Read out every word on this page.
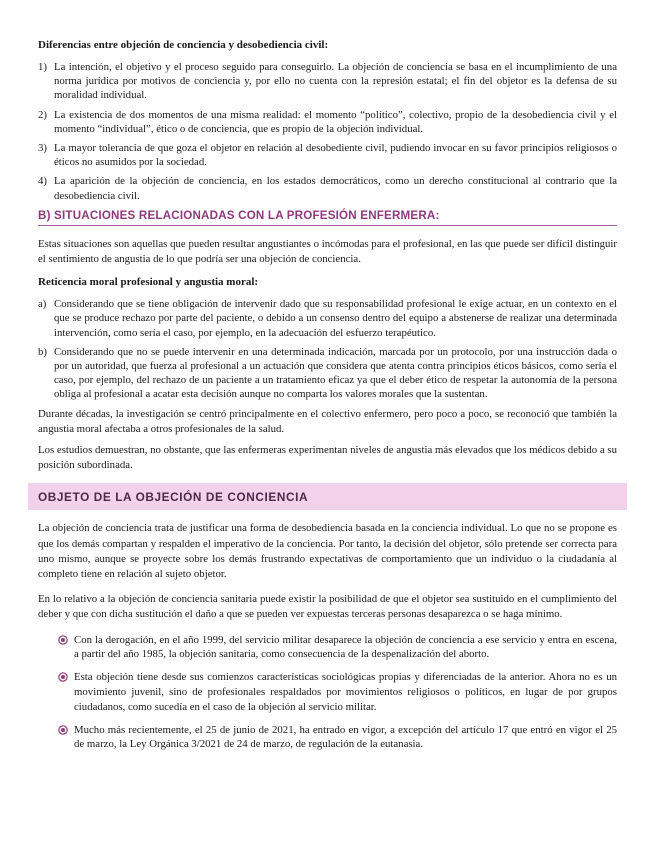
Diferencias entre objeción de conciencia y desobediencia civil:
1) La intención, el objetivo y el proceso seguido para conseguirlo. La objeción de conciencia se basa en el incumplimiento de una norma jurídica por motivos de conciencia y, por ello no cuenta con la represión estatal; el fin del objetor es la defensa de su moralidad individual.
2) La existencia de dos momentos de una misma realidad: el momento “político”, colectivo, propio de la desobediencia civil y el momento “individual”, ético o de conciencia, que es propio de la objeción individual.
3) La mayor tolerancia de que goza el objetor en relación al desobediente civil, pudiendo invocar en su favor principios religiosos o éticos no asumidos por la sociedad.
4) La aparición de la objeción de conciencia, en los estados democráticos, como un derecho constitucional al contrario que la desobediencia civil.
B) SITUACIONES RELACIONADAS CON LA PROFESIÓN ENFERMERA:

Estas situaciones son aquellas que pueden resultar angustiantes o incómodas para el profesional, en las que puede ser difícil distinguir el sentimiento de angustia de lo que podría ser una objeción de conciencia.

Reticencia moral profesional y angustia moral:
a) Considerando que se tiene obligación de intervenir dado que su responsabilidad profesional le exige actuar, en un contexto en el que se produce rechazo por parte del paciente, o debido a un consenso dentro del equipo a abstenerse de realizar una determinada intervención, como sería el caso, por ejemplo, en la adecuación del esfuerzo terapéutico.
b) Considerando que no se puede intervenir en una determinada indicación, marcada por un protocolo, por una instrucción dada o por un autoridad, que fuerza al profesional a un actuación que considera que atenta contra principios éticos básicos, como sería el caso, por ejemplo, del rechazo de un paciente a un tratamiento eficaz ya que el deber ético de respetar la autonomía de la persona obliga al profesional a acatar esta decisión aunque no comparta los valores morales que la sustentan.

Durante décadas, la investigación se centró principalmente en el colectivo enfermero, pero poco a poco, se reconoció que también la angustia moral afectaba a otros profesionales de la salud.

Los estudios demuestran, no obstante, que las enfermeras experimentan niveles de angustia más elevados que los médicos debido a su posición subordinada.

OBJETO DE LA OBJECIÓN DE CONCIENCIA

La objeción de conciencia trata de justificar una forma de desobediencia basada en la conciencia individual. Lo que no se propone es que los demás compartan y respalden el imperativo de la conciencia. Por tanto, la decisión del objetor, sólo pretende ser correcta para uno mismo, aunque se proyecte sobre los demás frustrando expectativas de comportamiento que un individuo o la ciudadanía al completo tiene en relación al sujeto objetor.

En lo relativo a la objeción de conciencia sanitaria puede existir la posibilidad de que el objetor sea sustituido en el cumplimiento del deber y que con dicha sustitución el daño a que se pueden ver expuestas terceras personas desaparezca o se haga mínimo.

Con la derogación, en el año 1999, del servicio militar desaparece la objeción de conciencia a ese servicio y entra en escena, a partir del año 1985, la objeción sanitaria, como consecuencia de la despenalización del aborto.
Esta objeción tiene desde sus comienzos características sociológicas propias y diferenciadas de la anterior. Ahora no es un movimiento juvenil, sino de profesionales respaldados por movimientos religiosos o políticos, en lugar de por grupos ciudadanos, como sucedía en el caso de la objeción al servicio militar.
Mucho más recientemente, el 25 de junio de 2021, ha entrado en vigor, a excepción del artículo 17 que entró en vigor el 25 de marzo, la Ley Orgánica 3/2021 de 24 de marzo, de regulación de la eutanasia.
